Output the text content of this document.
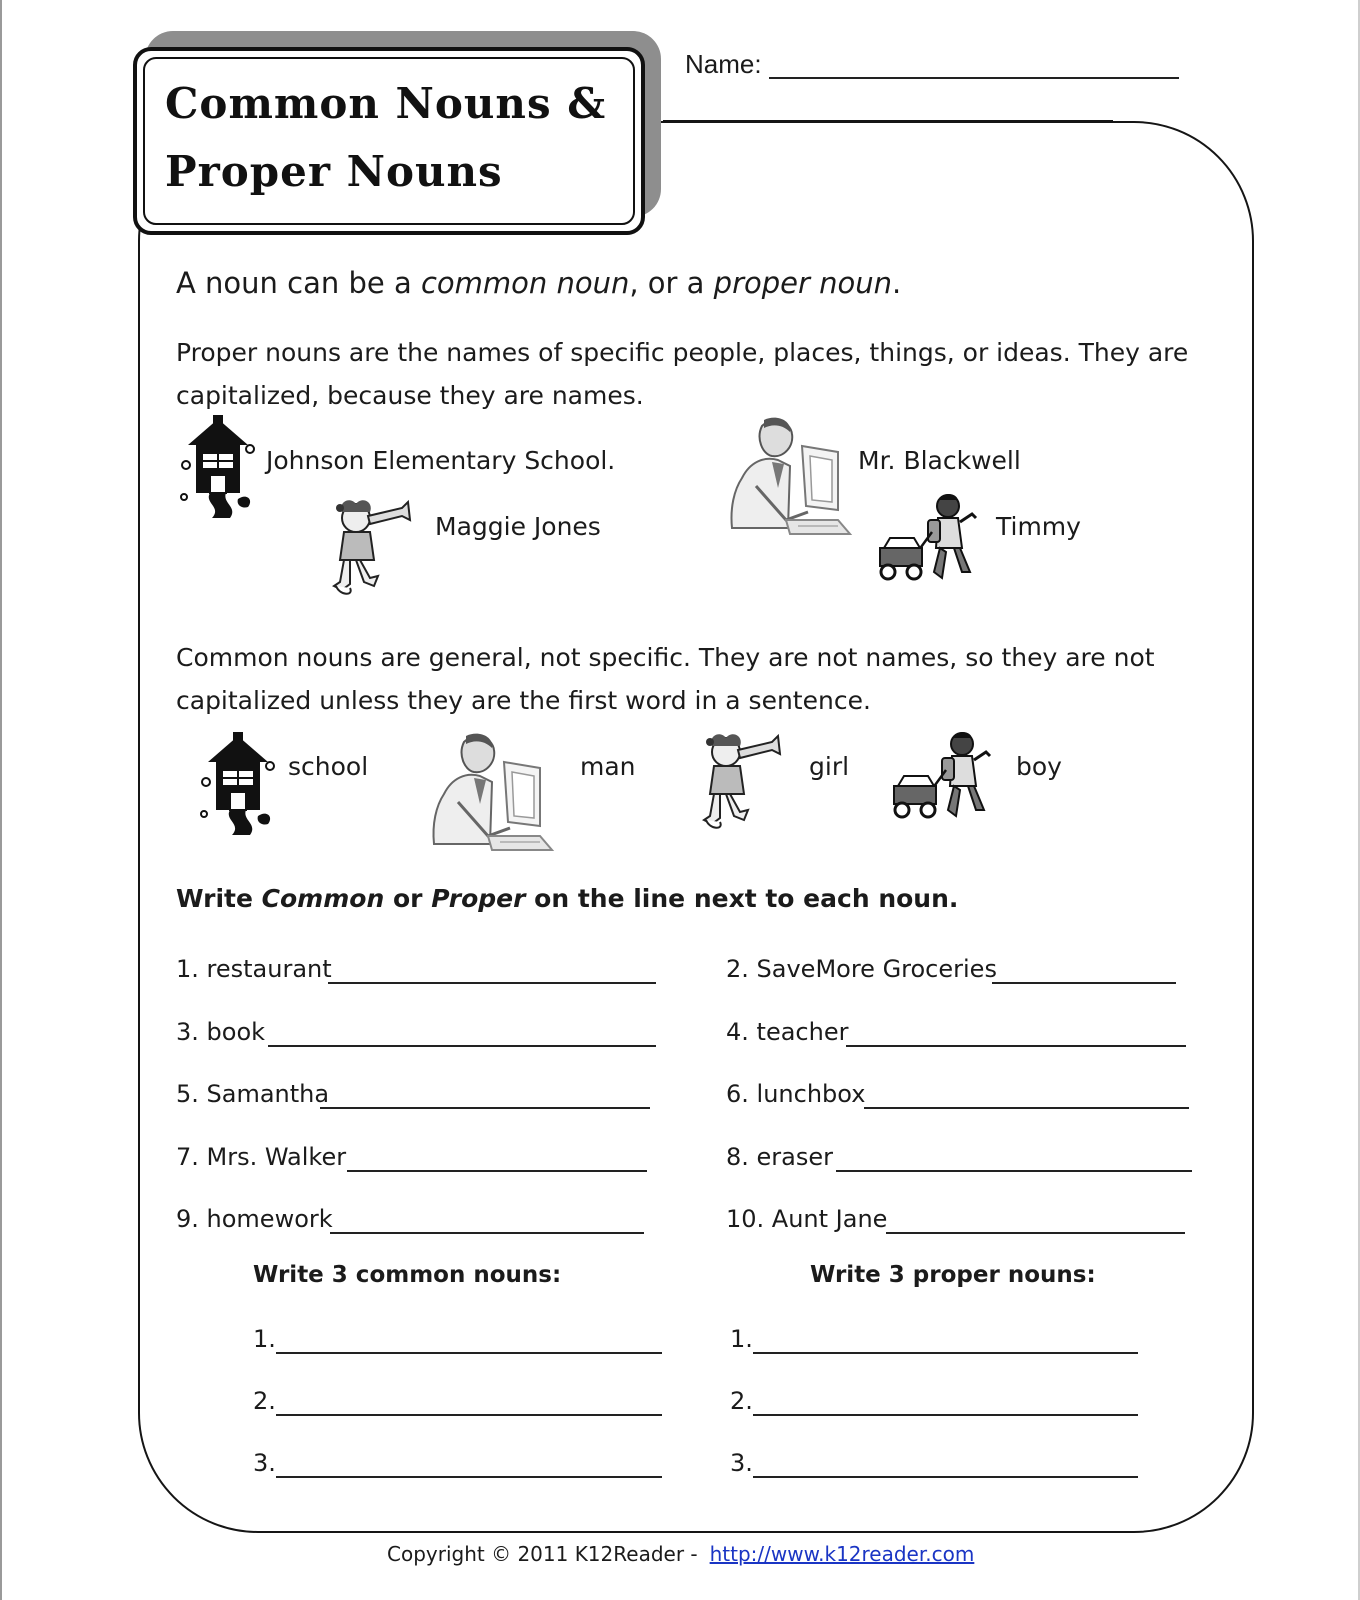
Common Nouns &
Proper Nouns
Name:
A noun can be a common noun, or a proper noun.
Proper nouns are the names of specific people, places, things, or ideas. They are
capitalized, because they are names.
Johnson Elementary School.
Maggie Jones
Mr. Blackwell
Timmy
Common nouns are general, not specific. They are not names, so they are not
capitalized unless they are the first word in a sentence.
school	man	girl	boy
Write Common or Proper on the line next to each noun.
1. restaurant	2. SaveMore Groceries
3. book	4. teacher
5. Samantha	6. lunchbox
7. Mrs. Walker	8. eraser
9. homework	10. Aunt Jane
Write 3 common nouns:	Write 3 proper nouns:
1.	1.
2.	2.
3.	3.
Copyright © 2011 K12Reader - http://www.k12reader.com
